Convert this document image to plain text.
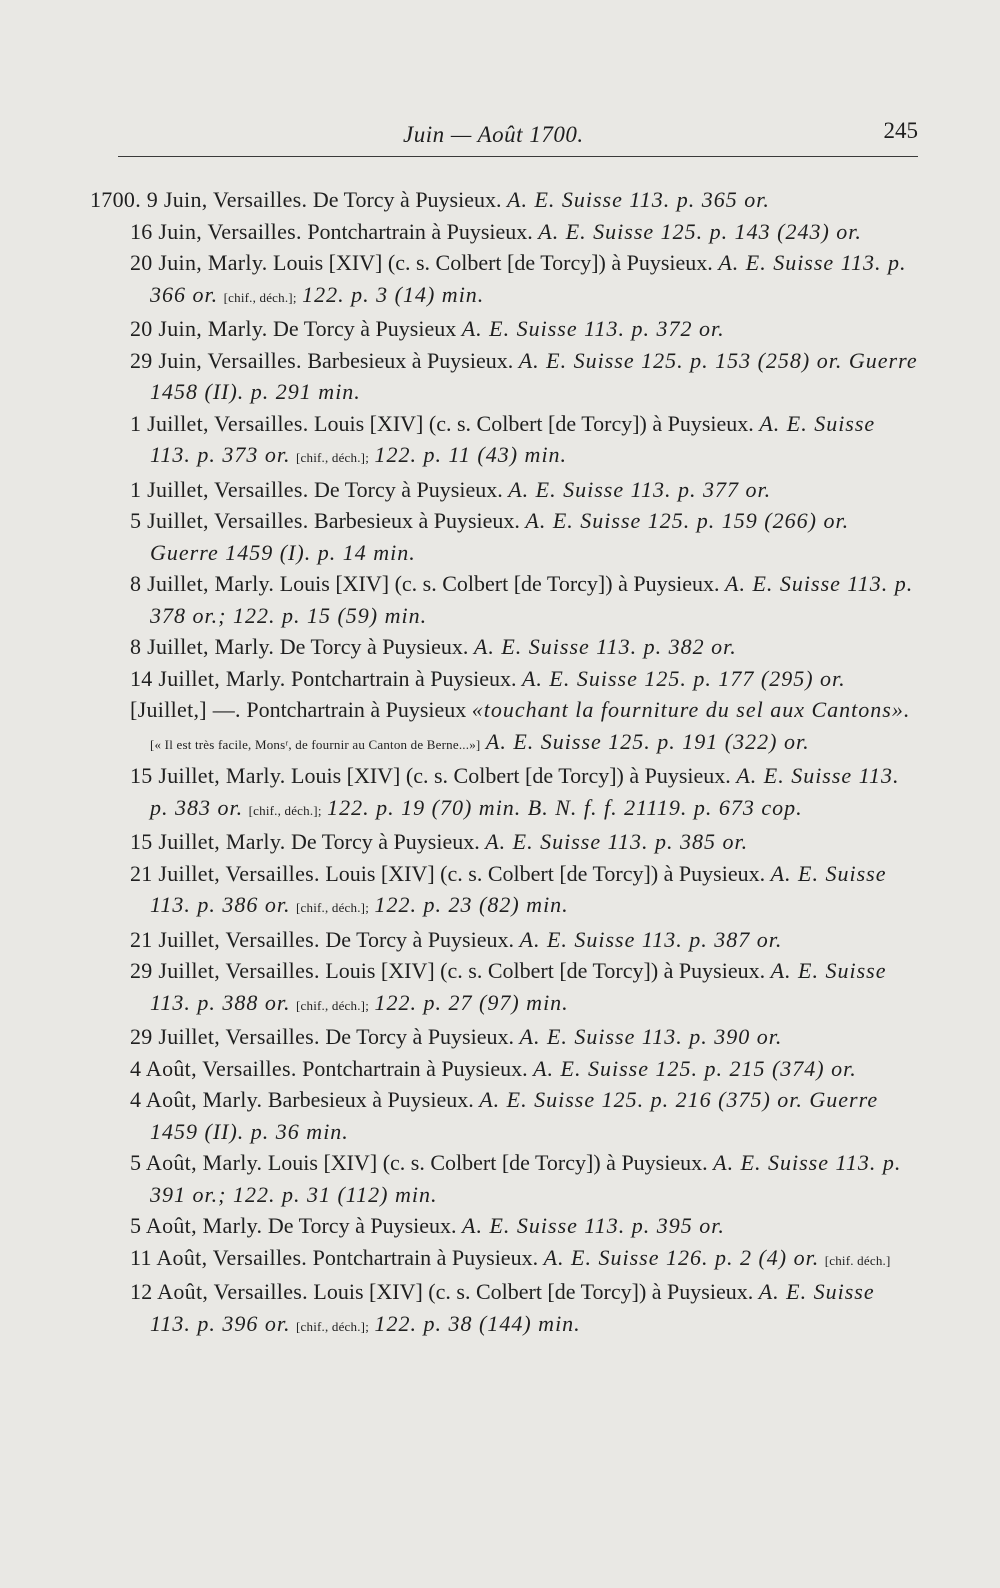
Juin — Août 1700.	245
1700. 9 Juin, Versailles. De Torcy à Puysieux. A. E. Suisse 113. p. 365 or.
16 Juin, Versailles. Pontchartrain à Puysieux. A. E. Suisse 125. p. 143 (243) or.
20 Juin, Marly. Louis [XIV] (c. s. Colbert [de Torcy]) à Puysieux. A. E. Suisse 113. p. 366 or. [chif., déch.]; 122. p. 3 (14) min.
20 Juin, Marly. De Torcy à Puysieux A. E. Suisse 113. p. 372 or.
29 Juin, Versailles. Barbesieux à Puysieux. A. E. Suisse 125. p. 153 (258) or. Guerre 1458 (II). p. 291 min.
1 Juillet, Versailles. Louis [XIV] (c. s. Colbert [de Torcy]) à Puysieux. A. E. Suisse 113. p. 373 or. [chif., déch.]; 122. p. 11 (43) min.
1 Juillet, Versailles. De Torcy à Puysieux. A. E. Suisse 113. p. 377 or.
5 Juillet, Versailles. Barbesieux à Puysieux. A. E. Suisse 125. p. 159 (266) or. Guerre 1459 (I). p. 14 min.
8 Juillet, Marly. Louis [XIV] (c. s. Colbert [de Torcy]) à Puysieux. A. E. Suisse 113. p. 378 or.; 122. p. 15 (59) min.
8 Juillet, Marly. De Torcy à Puysieux. A. E. Suisse 113. p. 382 or.
14 Juillet, Marly. Pontchartrain à Puysieux. A. E. Suisse 125. p. 177 (295) or.
[Juillet,] —. Pontchartrain à Puysieux «touchant la fourniture du sel aux Cantons». [« Il est très facile, Monsʳ, de fournir au Canton de Berne...»] A. E. Suisse 125. p. 191 (322) or.
15 Juillet, Marly. Louis [XIV] (c. s. Colbert [de Torcy]) à Puysieux. A. E. Suisse 113. p. 383 or. [chif., déch.]; 122. p. 19 (70) min. B. N. f. f. 21119. p. 673 cop.
15 Juillet, Marly. De Torcy à Puysieux. A. E. Suisse 113. p. 385 or.
21 Juillet, Versailles. Louis [XIV] (c. s. Colbert [de Torcy]) à Puysieux. A. E. Suisse 113. p. 386 or. [chif., déch.]; 122. p. 23 (82) min.
21 Juillet, Versailles. De Torcy à Puysieux. A. E. Suisse 113. p. 387 or.
29 Juillet, Versailles. Louis [XIV] (c. s. Colbert [de Torcy]) à Puysieux. A. E. Suisse 113. p. 388 or. [chif., déch.]; 122. p. 27 (97) min.
29 Juillet, Versailles. De Torcy à Puysieux. A. E. Suisse 113. p. 390 or.
4 Août, Versailles. Pontchartrain à Puysieux. A. E. Suisse 125. p. 215 (374) or.
4 Août, Marly. Barbesieux à Puysieux. A. E. Suisse 125. p. 216 (375) or. Guerre 1459 (II). p. 36 min.
5 Août, Marly. Louis [XIV] (c. s. Colbert [de Torcy]) à Puysieux. A. E. Suisse 113. p. 391 or.; 122. p. 31 (112) min.
5 Août, Marly. De Torcy à Puysieux. A. E. Suisse 113. p. 395 or.
11 Août, Versailles. Pontchartrain à Puysieux. A. E. Suisse 126. p. 2 (4) or. [chif. déch.]
12 Août, Versailles. Louis [XIV] (c. s. Colbert [de Torcy]) à Puysieux. A. E. Suisse 113. p. 396 or. [chif., déch.]; 122. p. 38 (144) min.
